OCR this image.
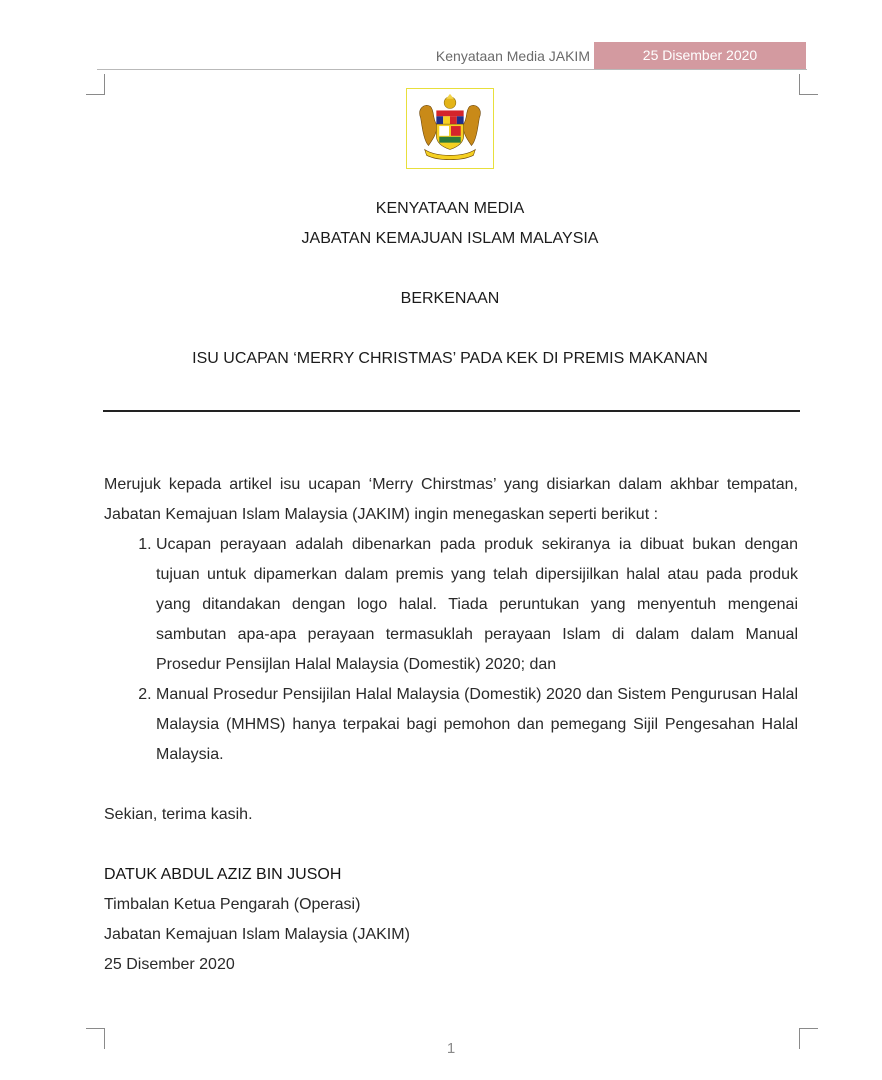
Kenyataan Media JAKIM	25 Disember 2020
KENYATAAN MEDIA
JABATAN KEMAJUAN ISLAM MALAYSIA
BERKENAAN
ISU UCAPAN ‘MERRY CHRISTMAS’ PADA KEK DI PREMIS MAKANAN
Merujuk kepada artikel isu ucapan ‘Merry Chirstmas’ yang disiarkan dalam akhbar tempatan, Jabatan Kemajuan Islam Malaysia (JAKIM) ingin menegaskan seperti berikut :
1. Ucapan perayaan adalah dibenarkan pada produk sekiranya ia dibuat bukan dengan tujuan untuk dipamerkan dalam premis yang telah dipersijilkan halal atau pada produk yang ditandakan dengan logo halal. Tiada peruntukan yang menyentuh mengenai sambutan apa-apa perayaan termasuklah perayaan Islam di dalam dalam Manual Prosedur Pensijlan Halal Malaysia (Domestik) 2020; dan
2. Manual Prosedur Pensijilan Halal Malaysia (Domestik) 2020 dan Sistem Pengurusan Halal Malaysia (MHMS) hanya terpakai bagi pemohon dan pemegang Sijil Pengesahan Halal Malaysia.
Sekian, terima kasih.
DATUK ABDUL AZIZ BIN JUSOH
Timbalan Ketua Pengarah (Operasi)
Jabatan Kemajuan Islam Malaysia (JAKIM)
25 Disember 2020
1
